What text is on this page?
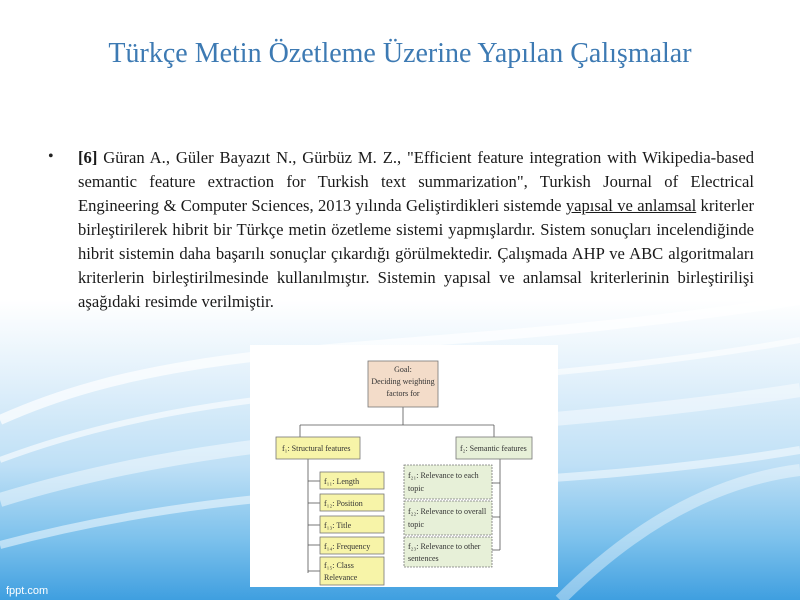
Türkçe Metin Özetleme Üzerine Yapılan Çalışmalar
• [6] Güran A., Güler Bayazıt N., Gürbüz M. Z., "Efficient feature integration with Wikipedia-based semantic feature extraction for Turkish text summarization", Turkish Journal of Electrical Engineering & Computer Sciences, 2013 yılında Geliştirdikleri sistemde yapısal ve anlamsal kriterler birleştirilerek hibrit bir Türkçe metin özetleme sistemi yapmışlardır. Sistem sonuçları incelendiğinde hibrit sistemin daha başarılı sonuçlar çıkardığı görülmektedir. Çalışmada AHP ve ABC algoritmaları kriterlerin birleştirilmesinde kullanılmıştır. Sistemin yapısal ve anlamsal kriterlerinin birleştirilişi aşağıdaki resimde verilmiştir.
Goal:
Deciding weighting
factors for
f₁: Structural features	f₂: Semantic features
f₁₁: Length
f₁₂: Position
f₁₃: Title
f₁₄: Frequency
f₁₅: Class
Relevance
f₂₁: Relevance to each
topic
f₂₂: Relevance to overall
topic
f₂₃: Relevance to other
sentences
fppt.com
